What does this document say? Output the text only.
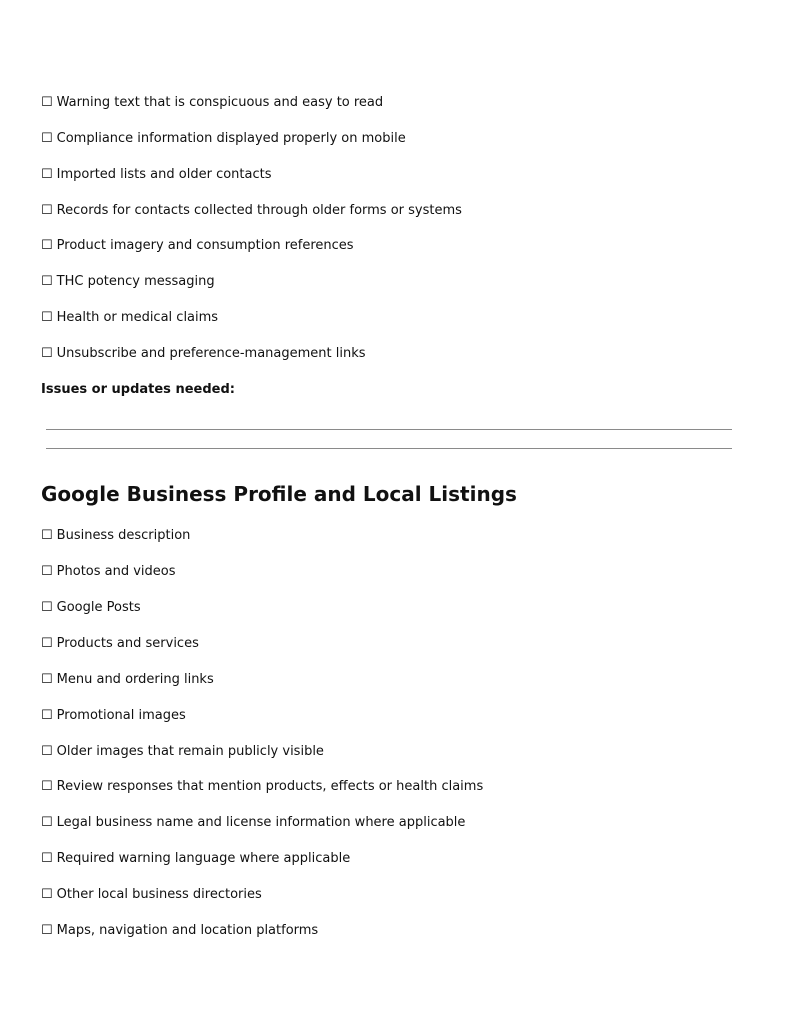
☐ Warning text that is conspicuous and easy to read
☐ Compliance information displayed properly on mobile
☐ Imported lists and older contacts
☐ Records for contacts collected through older forms or systems
☐ Product imagery and consumption references
☐ THC potency messaging
☐ Health or medical claims
☐ Unsubscribe and preference-management links
Issues or updates needed:
Google Business Profile and Local Listings
☐ Business description
☐ Photos and videos
☐ Google Posts
☐ Products and services
☐ Menu and ordering links
☐ Promotional images
☐ Older images that remain publicly visible
☐ Review responses that mention products, effects or health claims
☐ Legal business name and license information where applicable
☐ Required warning language where applicable
☐ Other local business directories
☐ Maps, navigation and location platforms
